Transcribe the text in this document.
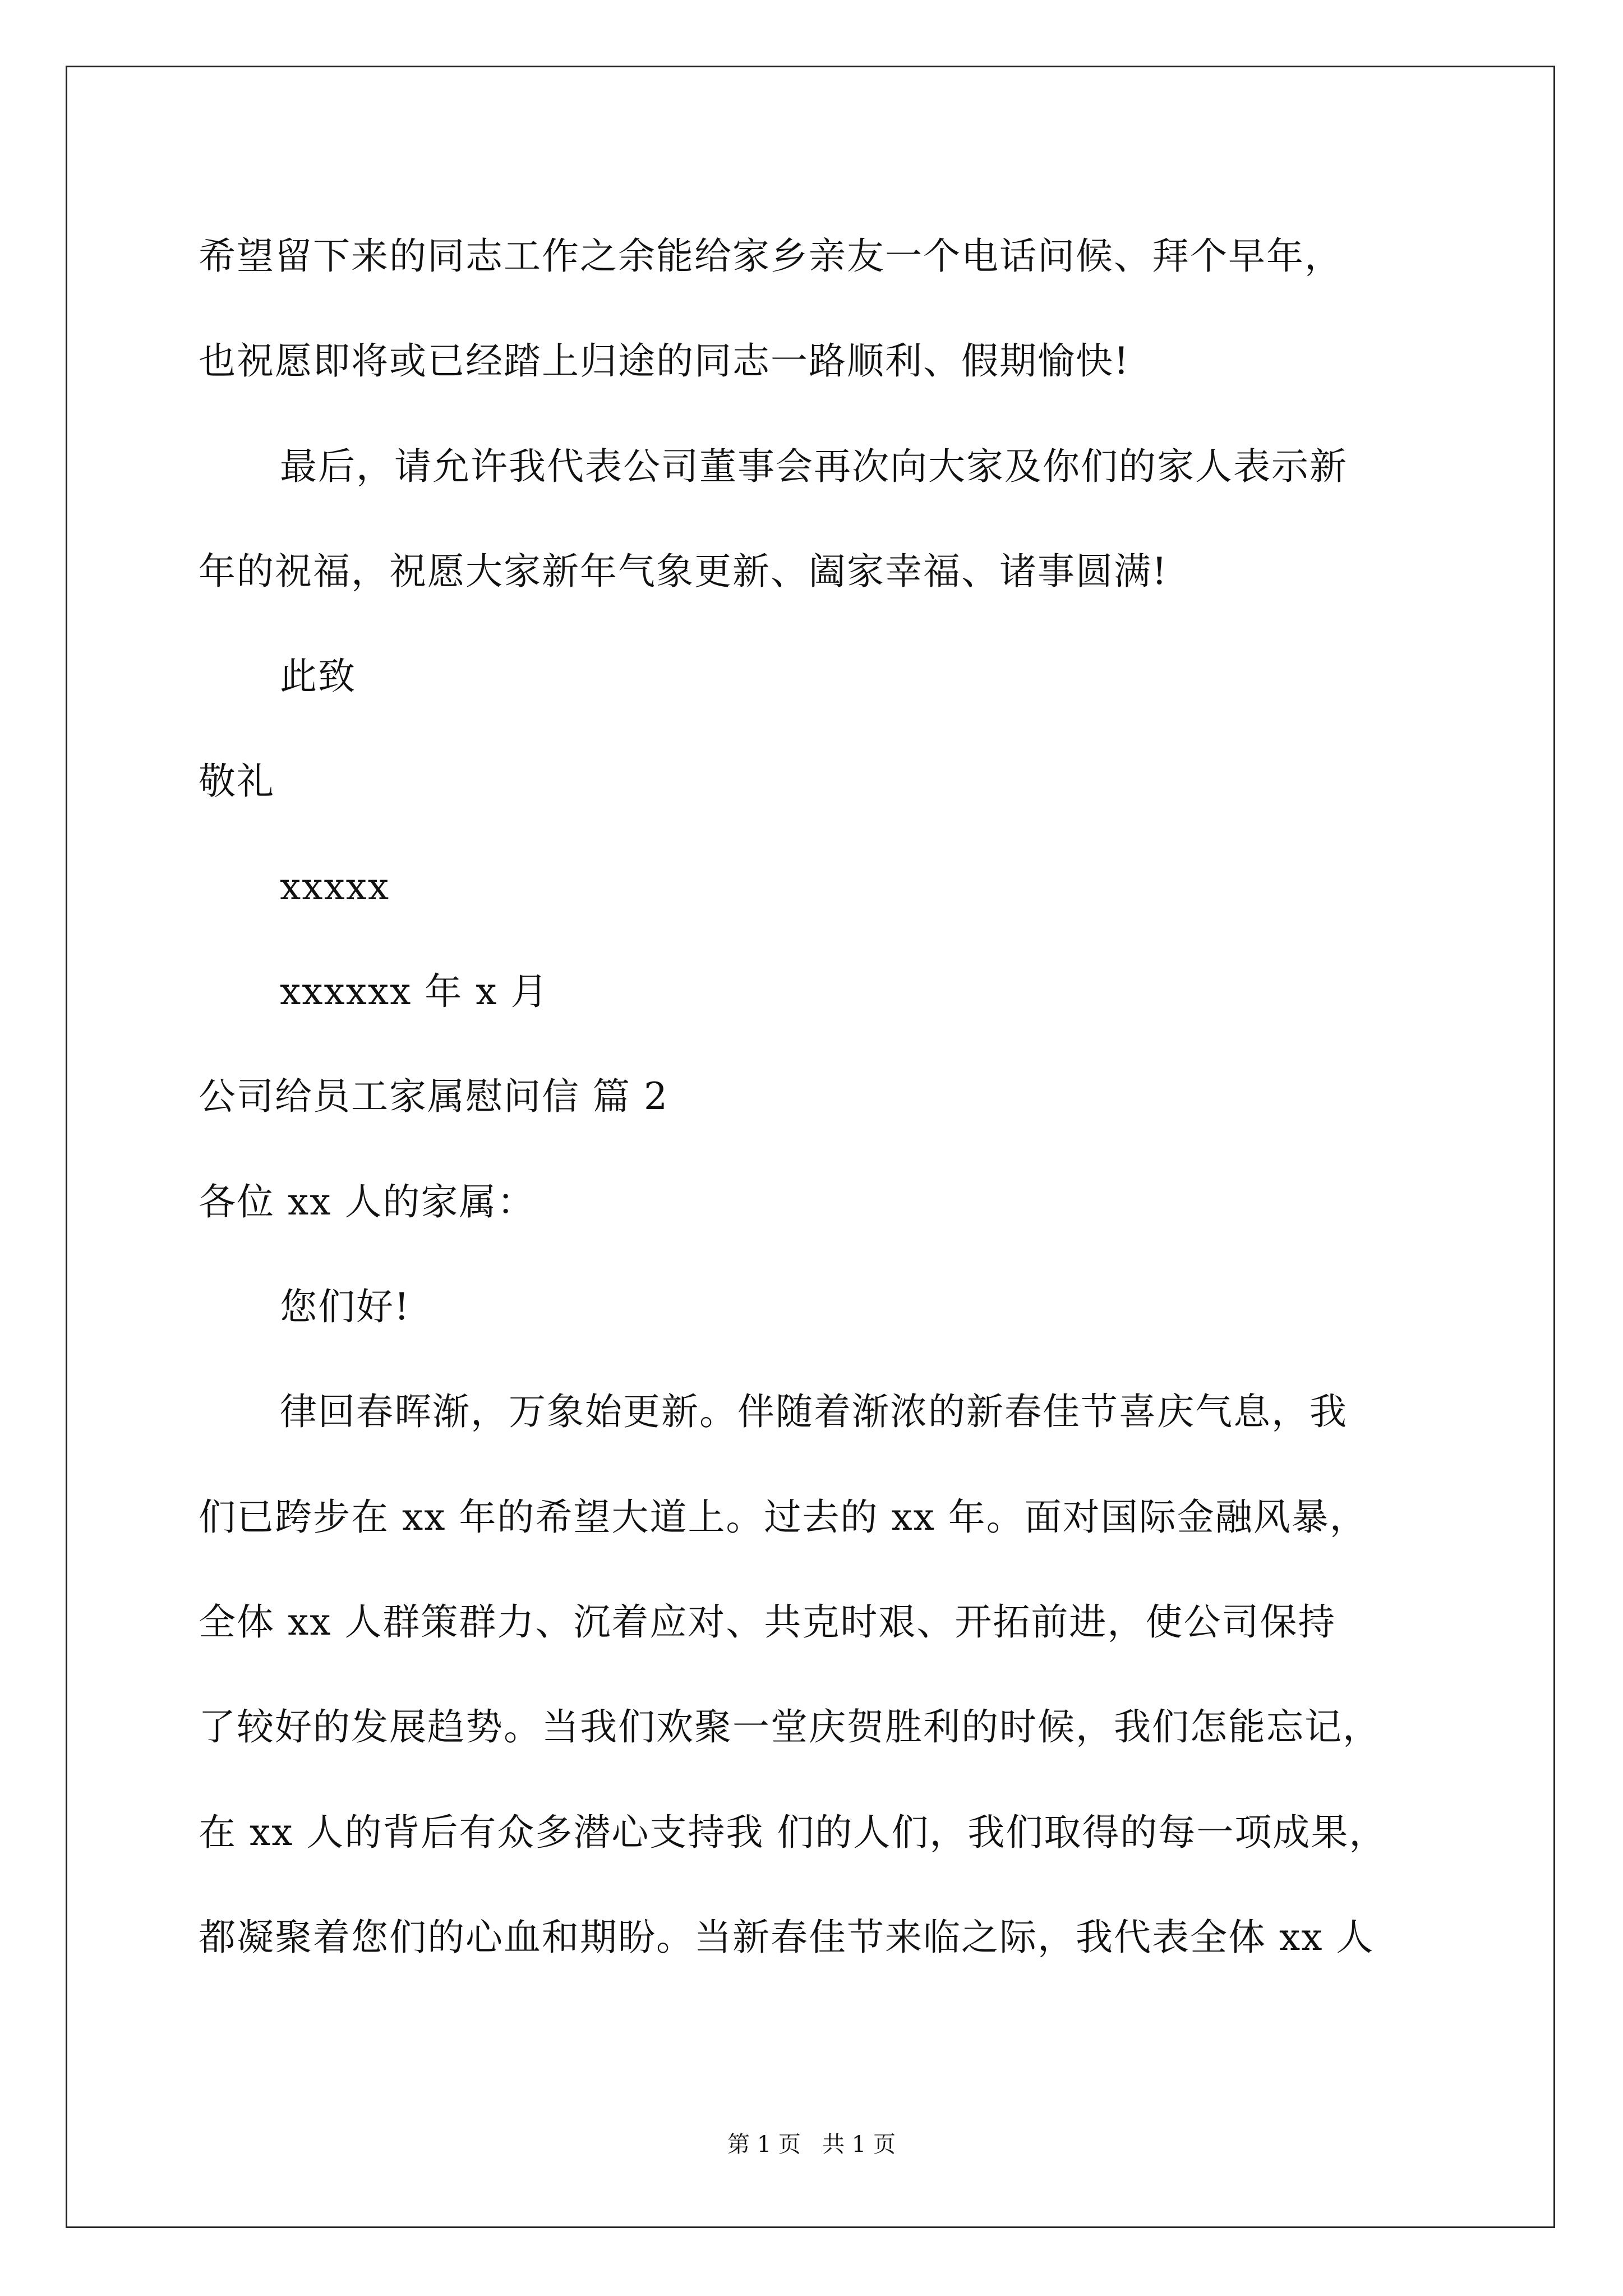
希望留下来的同志工作之余能给家乡亲友一个电话问候、拜个早年，
也祝愿即将或已经踏上归途的同志一路顺利、假期愉快!
最后，请允许我代表公司董事会再次向大家及你们的家人表示新
年的祝福，祝愿大家新年气象更新、阖家幸福、诸事圆满!
此致
敬礼
xxxxx
xxxxxx 年 x 月
公司给员工家属慰问信 篇 2
各位 xx 人的家属：
您们好!
律回春晖渐，万象始更新。伴随着渐浓的新春佳节喜庆气息，我
们已跨步在 xx 年的希望大道上。过去的 xx 年。面对国际金融风暴，
全体 xx 人群策群力、沉着应对、共克时艰、开拓前进，使公司保持
了较好的发展趋势。当我们欢聚一堂庆贺胜利的时候，我们怎能忘记，
在 xx 人的背后有众多潜心支持我 们的人们，我们取得的每一项成果，
都凝聚着您们的心血和期盼。当新春佳节来临之际，我代表全体 xx 人
第 1 页   共 1 页
